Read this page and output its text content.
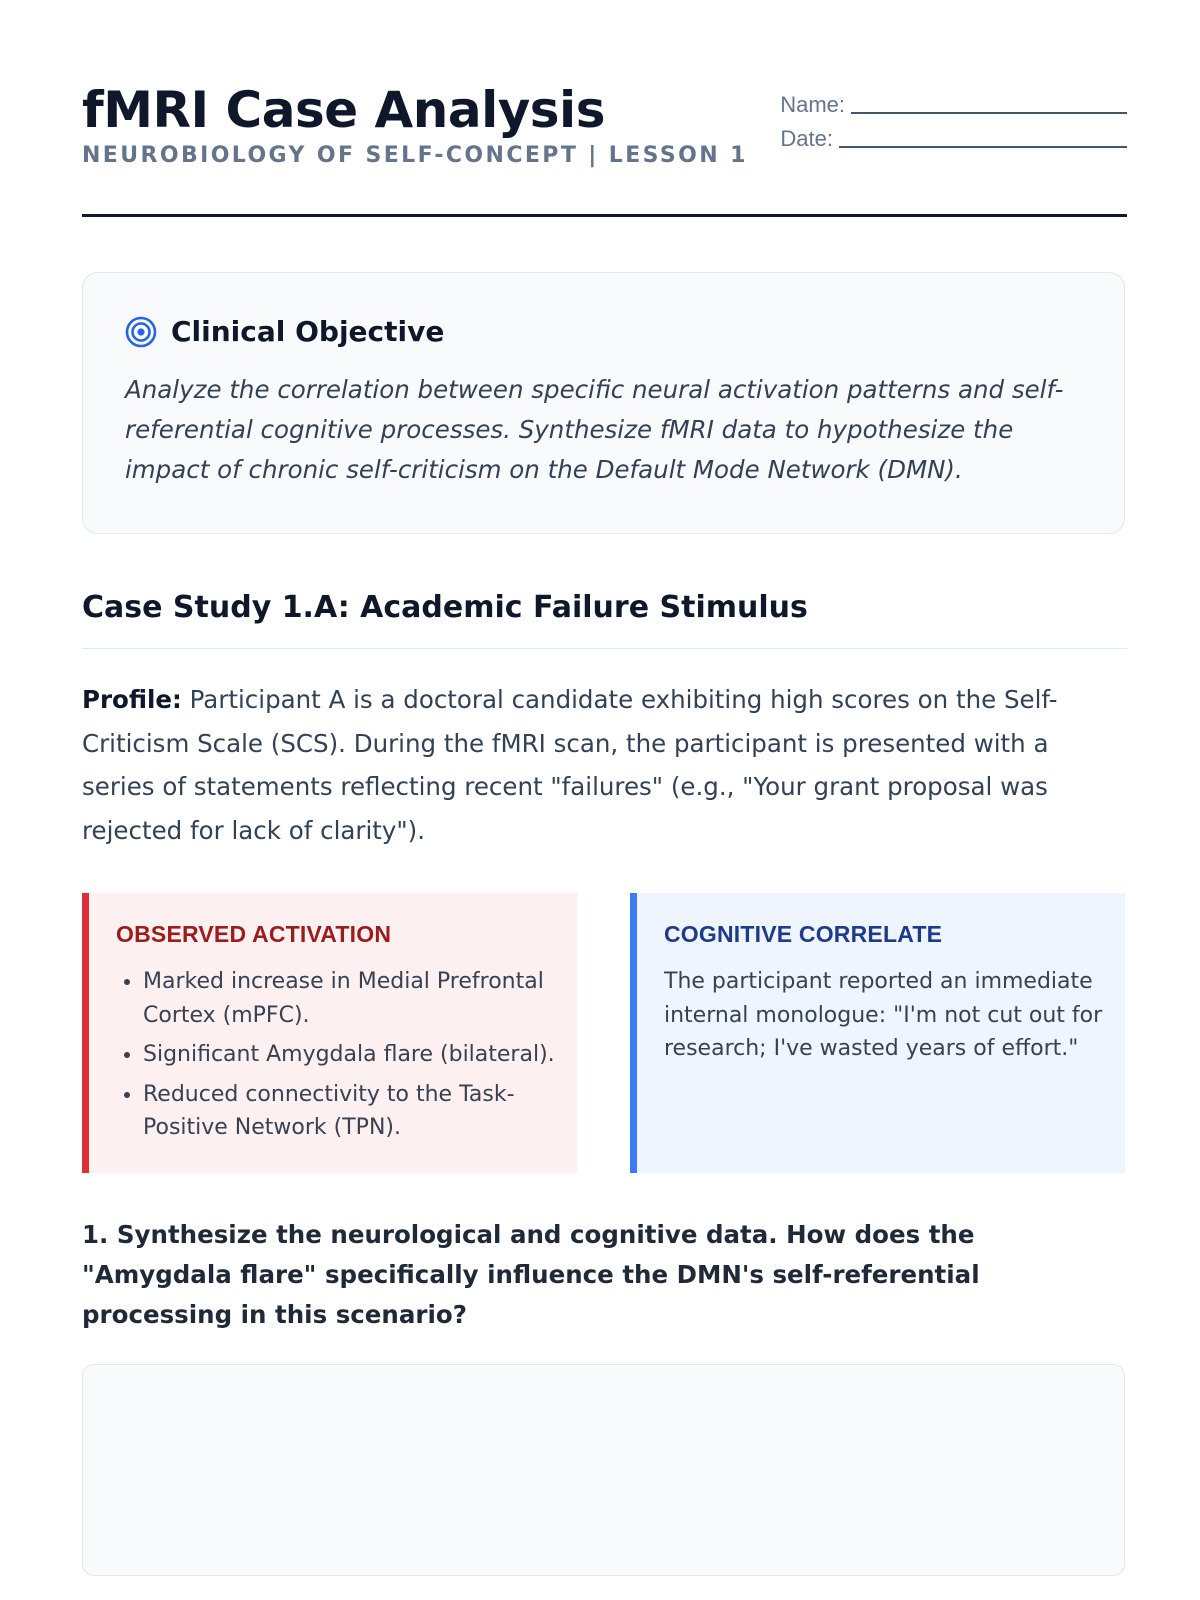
fMRI Case Analysis
NEUROBIOLOGY OF SELF-CONCEPT | LESSON 1
Name:
Date:
Clinical Objective
Analyze the correlation between specific neural activation patterns and self-referential cognitive processes. Synthesize fMRI data to hypothesize the impact of chronic self-criticism on the Default Mode Network (DMN).
Case Study 1.A: Academic Failure Stimulus
Profile: Participant A is a doctoral candidate exhibiting high scores on the Self-Criticism Scale (SCS). During the fMRI scan, the participant is presented with a series of statements reflecting recent "failures" (e.g., "Your grant proposal was rejected for lack of clarity").
OBSERVED ACTIVATION
• Marked increase in Medial Prefrontal Cortex (mPFC).
• Significant Amygdala flare (bilateral).
• Reduced connectivity to the Task-Positive Network (TPN).
COGNITIVE CORRELATE
The participant reported an immediate internal monologue: "I'm not cut out for research; I've wasted years of effort."
1. Synthesize the neurological and cognitive data. How does the "Amygdala flare" specifically influence the DMN's self-referential processing in this scenario?
